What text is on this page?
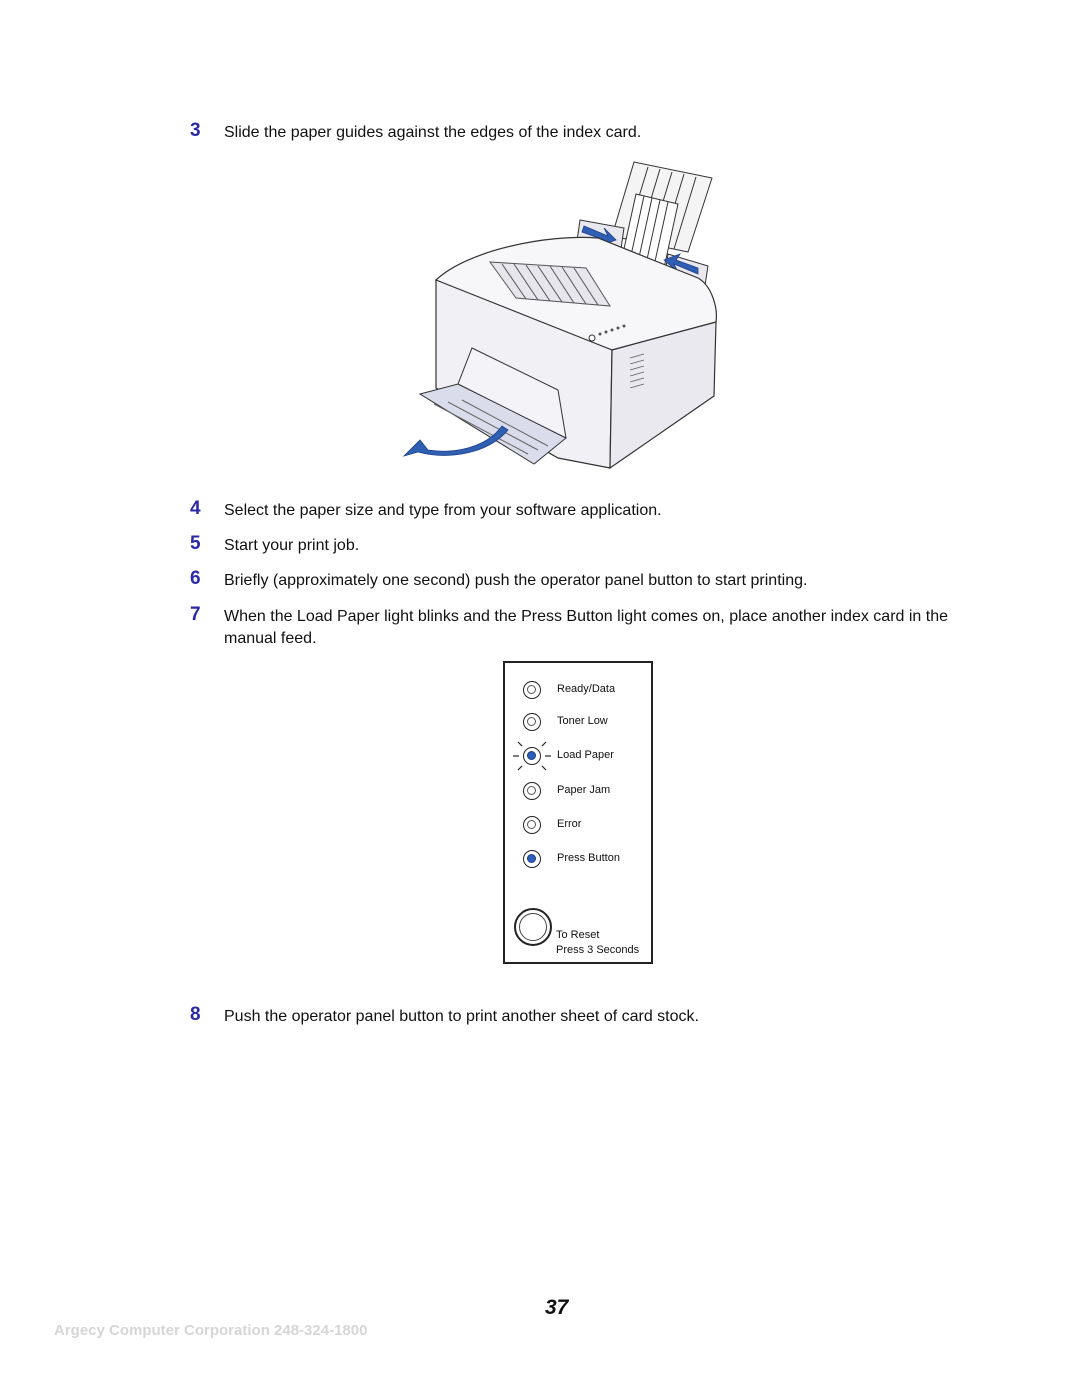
3 Slide the paper guides against the edges of the index card.
4 Select the paper size and type from your software application.
5 Start your print job.
6 Briefly (approximately one second) push the operator panel button to start printing.
7 When the Load Paper light blinks and the Press Button light comes on, place another index card in the manual feed.
Ready/Data
Toner Low
Load Paper
Paper Jam
Error
Press Button
To Reset
Press 3 Seconds
8 Push the operator panel button to print another sheet of card stock.
37
Argecy Computer Corporation 248-324-1800
